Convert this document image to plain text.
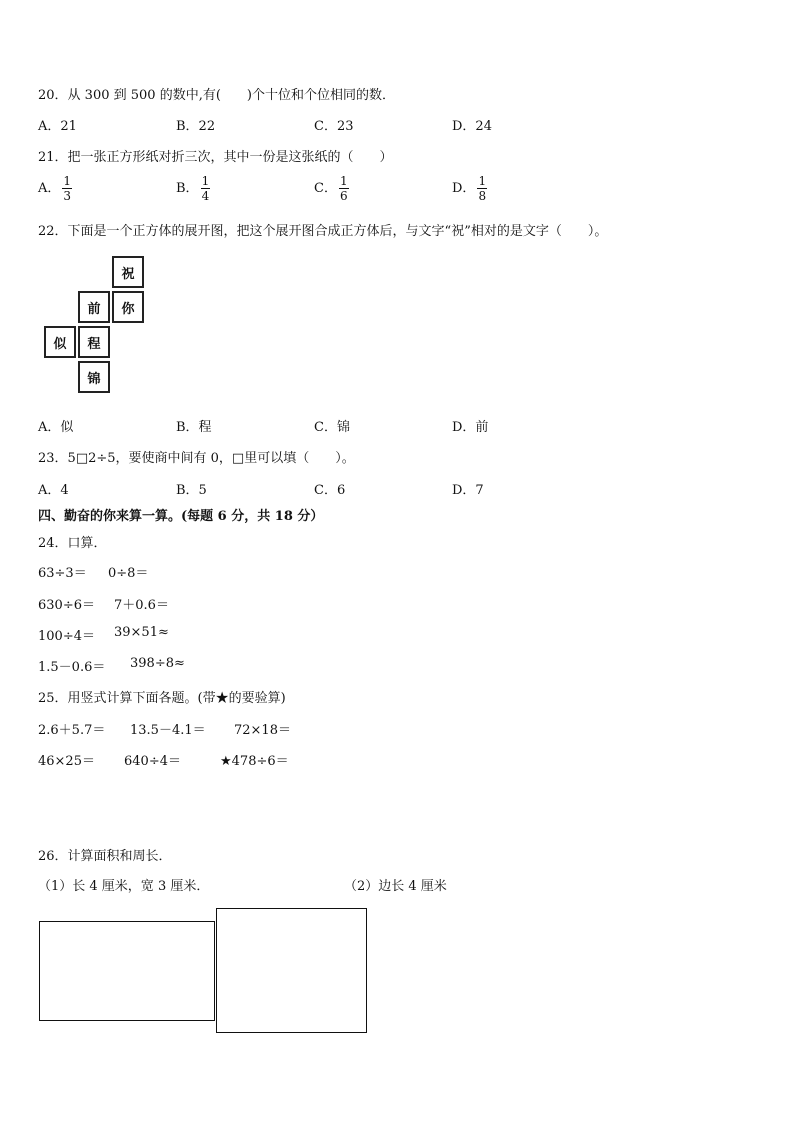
20．从 300 到 500 的数中,有(　　)个十位和个位相同的数．
A．21	B．22	C．23	D．24
21．把一张正方形纸对折三次，其中一份是这张纸的（　　）
A． $\frac{1}{3}$	B． $\frac{1}{4}$	C． $\frac{1}{6}$	D． $\frac{1}{8}$
22．下面是一个正方体的展开图，把这个展开图合成正方体后，与文字“祝”相对的是文字（　　）。
祝
前	你
似	程
锦
A．似	B．程	C．锦	D．前
23．5□2÷5，要使商中间有 0，□里可以填（　　）。
A．4	B．5	C．6	D．7
四、勤奋的你来算一算。(每题 6 分，共 18 分）
24．口算．
63÷3＝ 0÷8＝
630÷6＝ 7＋0.6＝
100÷4＝ 39×51≈
1.5－0.6＝ 398÷8≈
25．用竖式计算下面各题。(带★的要验算)
2.6＋5.7＝ 13.5－4.1＝ 72×18＝
46×25＝ 640÷4＝	★478÷6＝
26．计算面积和周长．
（1）长 4 厘米，宽 3 厘米．	（2）边长 4 厘米
